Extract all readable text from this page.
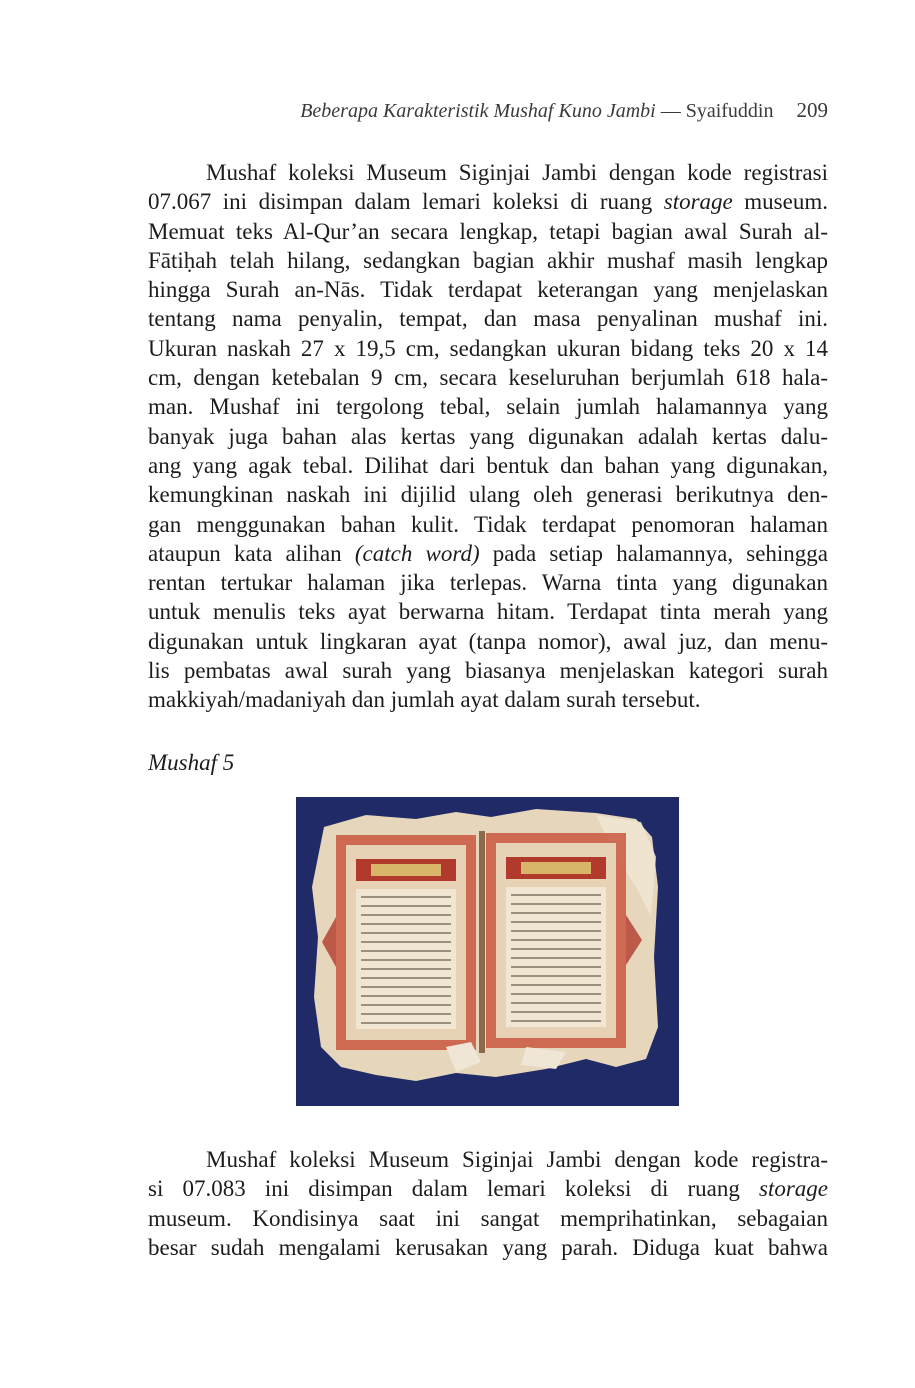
Beberapa Karakteristik Mushaf Kuno Jambi — Syaifuddin 209
Mushaf koleksi Museum Siginjai Jambi dengan kode registrasi
07.067 ini disimpan dalam lemari koleksi di ruang storage museum.
Memuat teks Al-Qur’an secara lengkap, tetapi bagian awal Surah al-
Fātiḥah telah hilang, sedangkan bagian akhir mushaf masih lengkap
hingga Surah an-Nās. Tidak terdapat keterangan yang menjelaskan
tentang nama penyalin, tempat, dan masa penyalinan mushaf ini.
Ukuran naskah 27 x 19,5 cm, sedangkan ukuran bidang teks 20 x 14
cm, dengan ketebalan 9 cm, secara keseluruhan berjumlah 618 hala-
man. Mushaf ini tergolong tebal, selain jumlah halamannya yang
banyak juga bahan alas kertas yang digunakan adalah kertas dalu-
ang yang agak tebal. Dilihat dari bentuk dan bahan yang digunakan,
kemungkinan naskah ini dijilid ulang oleh generasi berikutnya den-
gan menggunakan bahan kulit. Tidak terdapat penomoran halaman
ataupun kata alihan (catch word) pada setiap halamannya, sehingga
rentan tertukar halaman jika terlepas. Warna tinta yang digunakan
untuk menulis teks ayat berwarna hitam. Terdapat tinta merah yang
digunakan untuk lingkaran ayat (tanpa nomor), awal juz, dan menu-
lis pembatas awal surah yang biasanya menjelaskan kategori surah
makkiyah/madaniyah dan jumlah ayat dalam surah tersebut.
Mushaf 5
Mushaf koleksi Museum Siginjai Jambi dengan kode registra-
si 07.083 ini disimpan dalam lemari koleksi di ruang storage
museum. Kondisinya saat ini sangat memprihatinkan, sebagaian
besar sudah mengalami kerusakan yang parah. Diduga kuat bahwa
